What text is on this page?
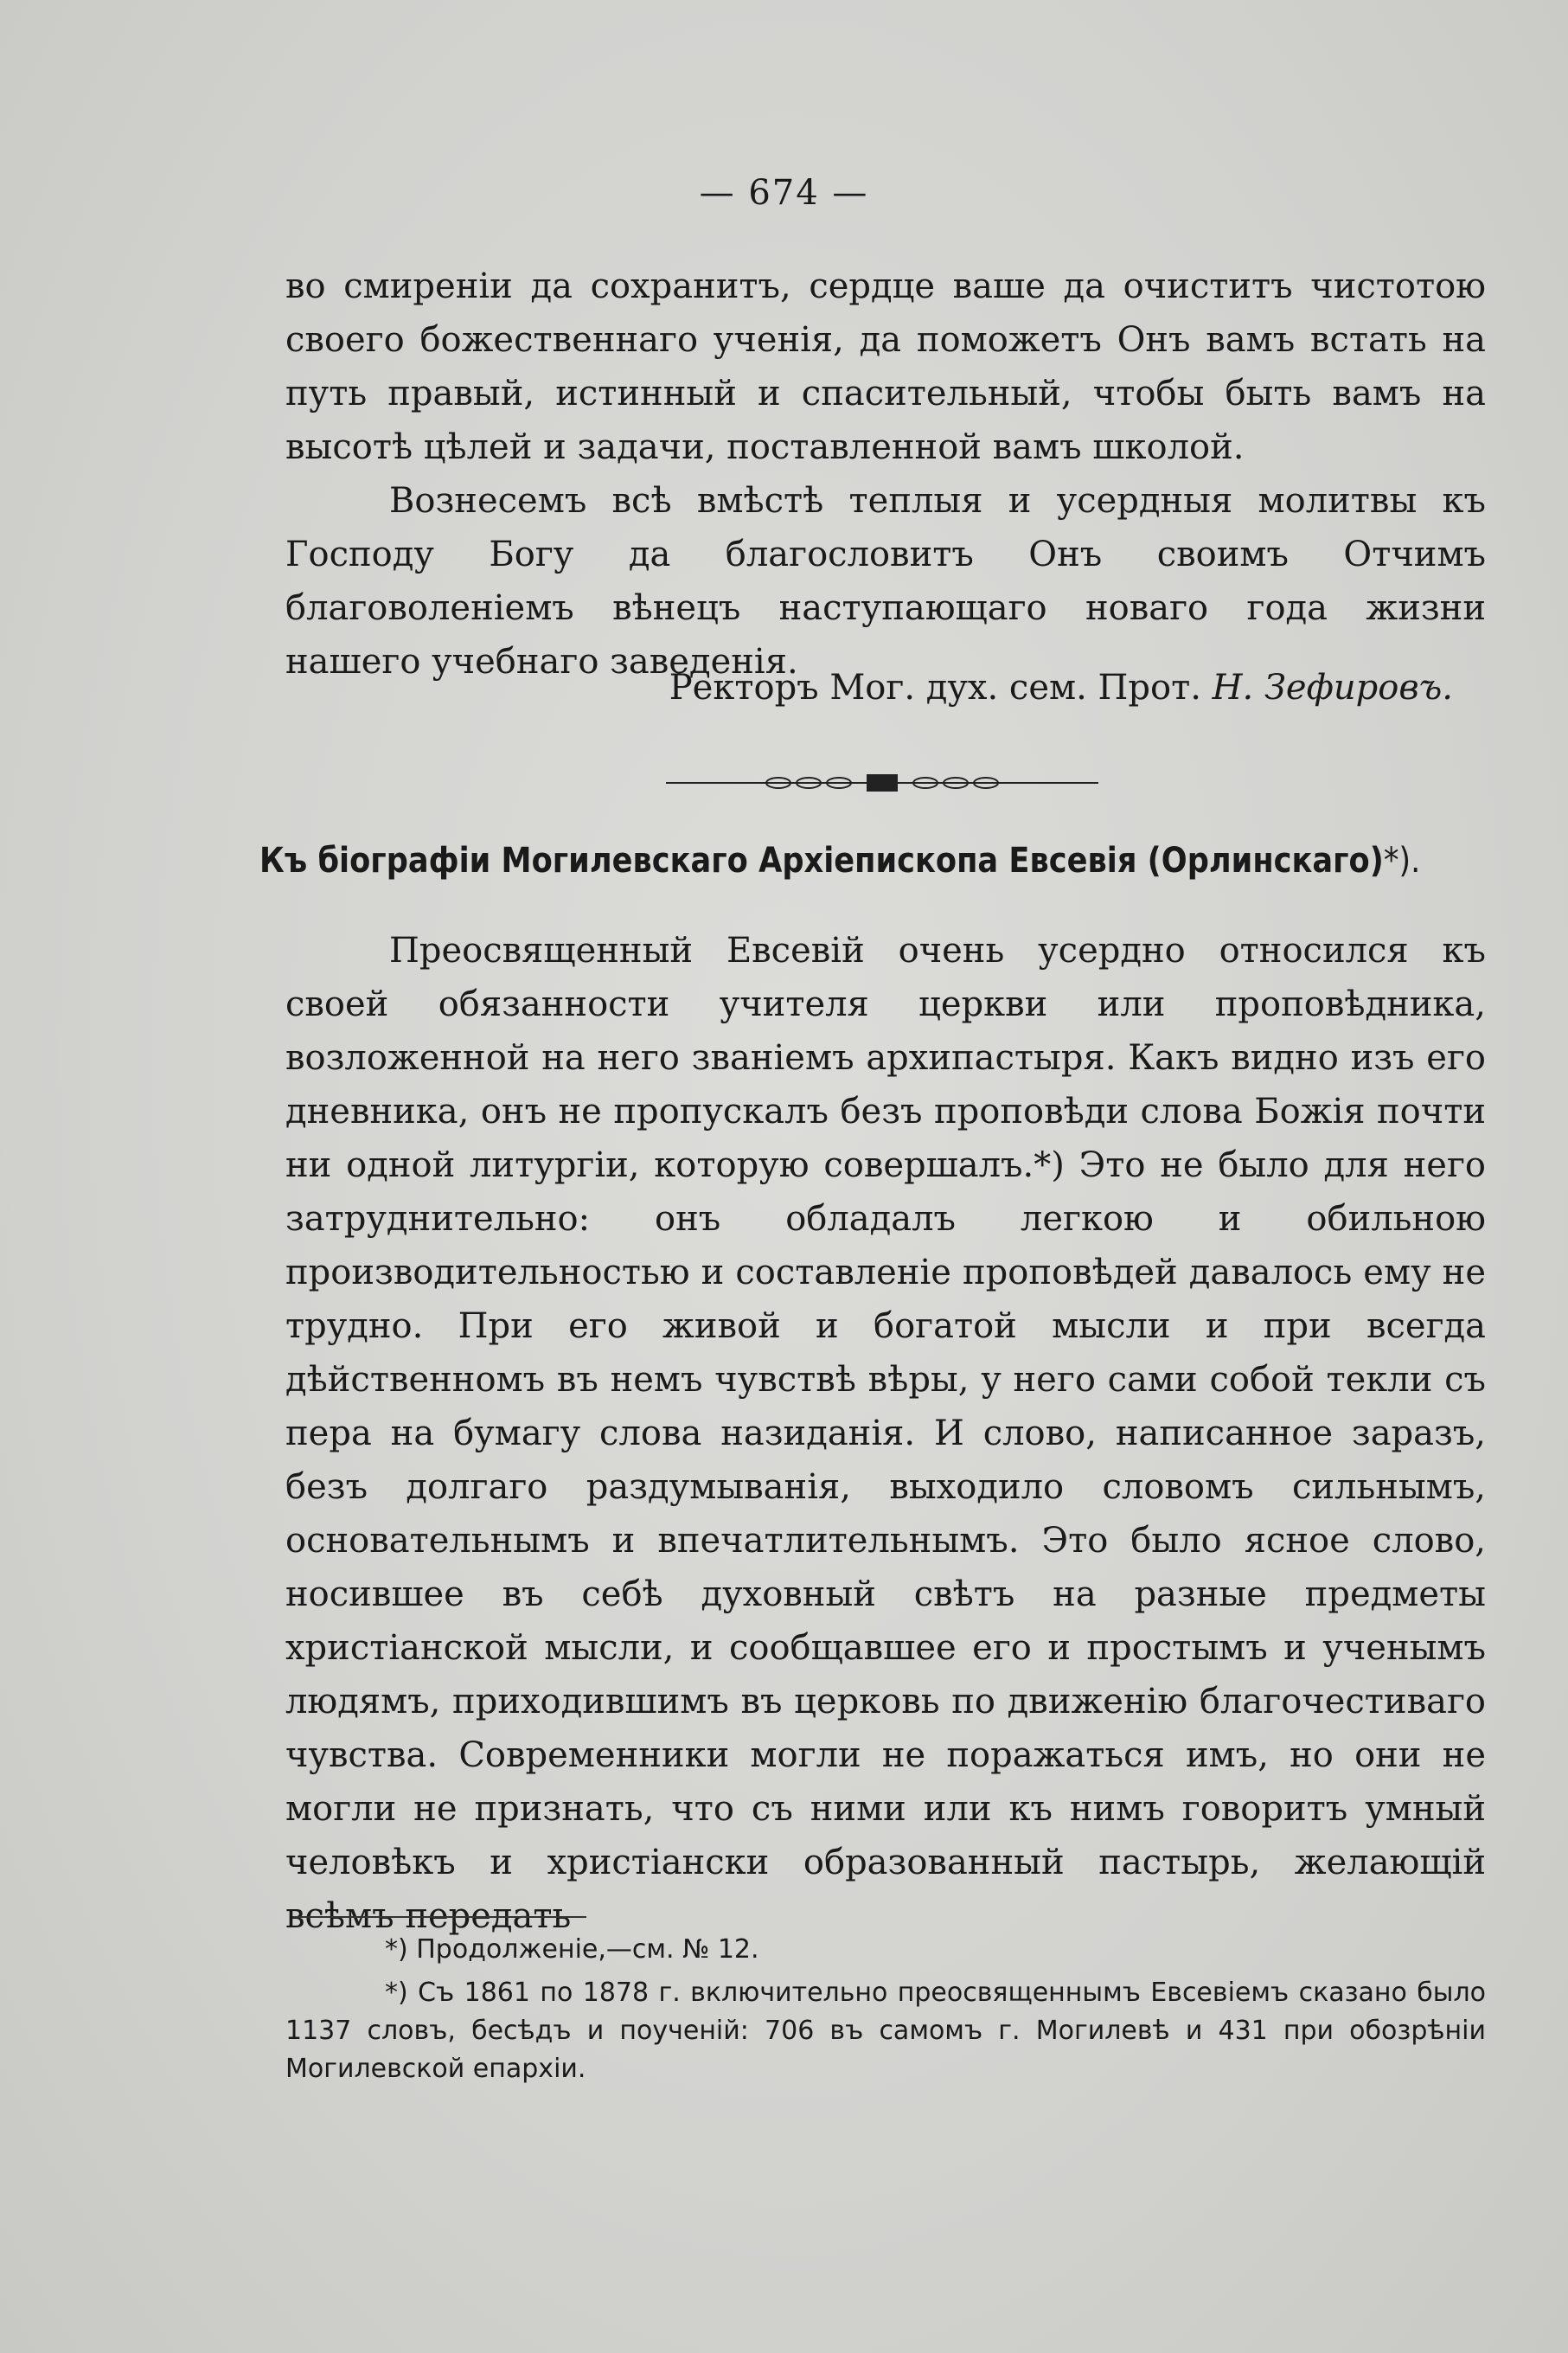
— 674 —

во смиреніи да сохранитъ, сердце ваше да очиститъ чистотою своего божественнаго ученія, да поможетъ Онъ вамъ встать на путь правый, истинный и спасительный, чтобы быть вамъ на высотѣ цѣлей и задачи, поставленной вамъ школой.

Вознесемъ всѣ вмѣстѣ теплыя и усердныя молитвы къ Господу Богу да благословитъ Онъ своимъ Отчимъ благоволеніемъ вѣнецъ наступающаго новаго года жизни нашего учебнаго заведенія.

Ректоръ Мог. дух. сем. Прот. Н. Зефировъ.
Къ біографіи Могилевскаго Архіепископа Евсевія (Орлинскаго)*).

Преосвященный Евсевій очень усердно относился къ своей обязанности учителя церкви или проповѣдника, возложенной на него званіемъ архипастыря. Какъ видно изъ его дневника, онъ не пропускалъ безъ проповѣди слова Божія почти ни одной литургіи, которую совершалъ.*) Это не было для него затруднительно: онъ обладалъ легкою и обильною производительностью и составленіе проповѣдей давалось ему не трудно. При его живой и богатой мысли и при всегда дѣйственномъ въ немъ чувствѣ вѣры, у него сами собой текли съ пера на бумагу слова назиданія. И слово, написанное заразъ, безъ долгаго раздумыванія, выходило словомъ сильнымъ, основательнымъ и впечатлительнымъ. Это было ясное слово, носившее въ себѣ духовный свѣтъ на разные предметы христіанской мысли, и сообщавшее его и простымъ и ученымъ людямъ, приходившимъ въ церковь по движенію благочестиваго чувства. Современники могли не поражаться имъ, но они не могли не признать, что съ ними или къ нимъ говоритъ умный человѣкъ и христіански образованный пастырь, желающій всѣмъ передать

*) Продолженіе,—см. № 12.

*) Съ 1861 по 1878 г. включительно преосвященнымъ Евсевіемъ сказано было 1137 словъ, бесѣдъ и поученій: 706 въ самомъ г. Могилевѣ и 431 при обозрѣніи Могилевской епархіи.
